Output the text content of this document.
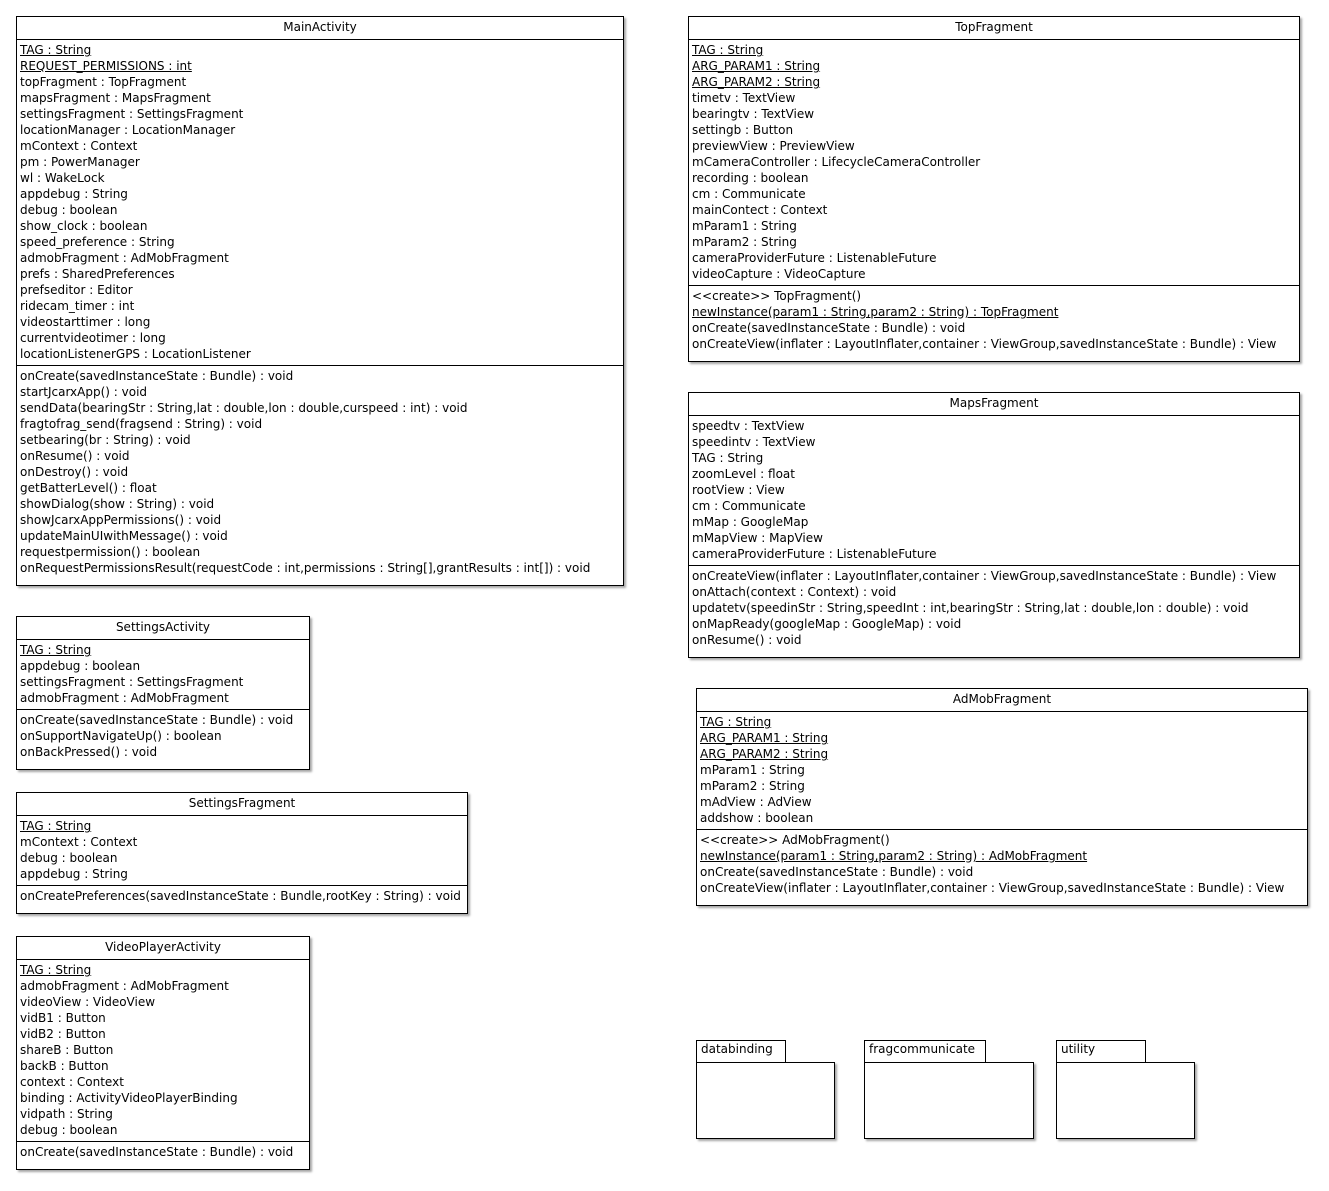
MainActivity
TAG : String
REQUEST_PERMISSIONS : int
topFragment : TopFragment
mapsFragment : MapsFragment
settingsFragment : SettingsFragment
locationManager : LocationManager
mContext : Context
pm : PowerManager
wl : WakeLock
appdebug : String
debug : boolean
show_clock : boolean
speed_preference : String
admobFragment : AdMobFragment
prefs : SharedPreferences
prefseditor : Editor
ridecam_timer : int
videostarttimer : long
currentvideotimer : long
locationListenerGPS : LocationListener
onCreate(savedInstanceState : Bundle) : void
startJcarxApp() : void
sendData(bearingStr : String,lat : double,lon : double,curspeed : int) : void
fragtofrag_send(fragsend : String) : void
setbearing(br : String) : void
onResume() : void
onDestroy() : void
getBatterLevel() : float
showDialog(show : String) : void
showJcarxAppPermissions() : void
updateMainUIwithMessage() : void
requestpermission() : boolean
onRequestPermissionsResult(requestCode : int,permissions : String[],grantResults : int[]) : void
TopFragment
TAG : String
ARG_PARAM1 : String
ARG_PARAM2 : String
timetv : TextView
bearingtv : TextView
settingb : Button
previewView : PreviewView
mCameraController : LifecycleCameraController
recording : boolean
cm : Communicate
mainContect : Context
mParam1 : String
mParam2 : String
cameraProviderFuture : ListenableFuture
videoCapture : VideoCapture
<<create>> TopFragment()
newInstance(param1 : String,param2 : String) : TopFragment
onCreate(savedInstanceState : Bundle) : void
onCreateView(inflater : LayoutInflater,container : ViewGroup,savedInstanceState : Bundle) : View
MapsFragment
speedtv : TextView
speedintv : TextView
TAG : String
zoomLevel : float
rootView : View
cm : Communicate
mMap : GoogleMap
mMapView : MapView
cameraProviderFuture : ListenableFuture
onCreateView(inflater : LayoutInflater,container : ViewGroup,savedInstanceState : Bundle) : View
onAttach(context : Context) : void
updatetv(speedinStr : String,speedInt : int,bearingStr : String,lat : double,lon : double) : void
onMapReady(googleMap : GoogleMap) : void
onResume() : void
SettingsActivity
TAG : String
appdebug : boolean
settingsFragment : SettingsFragment
admobFragment : AdMobFragment
onCreate(savedInstanceState : Bundle) : void
onSupportNavigateUp() : boolean
onBackPressed() : void
SettingsFragment
TAG : String
mContext : Context
debug : boolean
appdebug : String
onCreatePreferences(savedInstanceState : Bundle,rootKey : String) : void
AdMobFragment
TAG : String
ARG_PARAM1 : String
ARG_PARAM2 : String
mParam1 : String
mParam2 : String
mAdView : AdView
addshow : boolean
<<create>> AdMobFragment()
newInstance(param1 : String,param2 : String) : AdMobFragment
onCreate(savedInstanceState : Bundle) : void
onCreateView(inflater : LayoutInflater,container : ViewGroup,savedInstanceState : Bundle) : View
VideoPlayerActivity
TAG : String
admobFragment : AdMobFragment
videoView : VideoView
vidB1 : Button
vidB2 : Button
shareB : Button
backB : Button
context : Context
binding : ActivityVideoPlayerBinding
vidpath : String
debug : boolean
onCreate(savedInstanceState : Bundle) : void
databinding	fragcommunicate	utility
